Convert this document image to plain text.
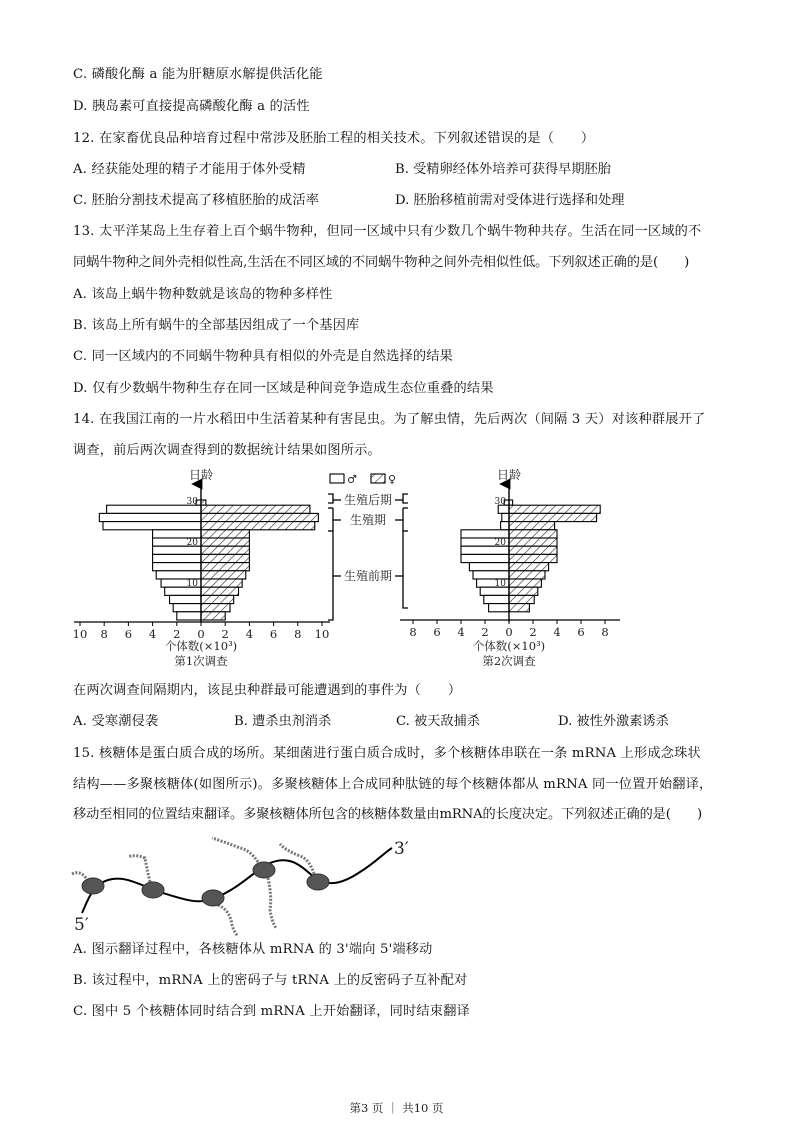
C. 磷酸化酶 a 能为肝糖原水解提供活化能
D. 胰岛素可直接提高磷酸化酶 a 的活性
12. 在家畜优良品种培育过程中常涉及胚胎工程的相关技术。下列叙述错误的是（　　）
A. 经获能处理的精子才能用于体外受精	B. 受精卵经体外培养可获得早期胚胎
C. 胚胎分割技术提高了移植胚胎的成活率	D. 胚胎移植前需对受体进行选择和处理
13. 太平洋某岛上生存着上百个蜗牛物种，但同一区域中只有少数几个蜗牛物种共存。生活在同一区域的不
同蜗牛物种之间外壳相似性高,生活在不同区域的不同蜗牛物种之间外壳相似性低。下列叙述正确的是(　　)
A. 该岛上蜗牛物种数就是该岛的物种多样性
B. 该岛上所有蜗牛的全部基因组成了一个基因库
C. 同一区域内的不同蜗牛物种具有相似的外壳是自然选择的结果
D. 仅有少数蜗牛物种生存在同一区域是种间竞争造成生态位重叠的结果
14. 在我国江南的一片水稻田中生活着某种有害昆虫。为了解虫情，先后两次（间隔 3 天）对该种群展开了
调查，前后两次调查得到的数据统计结果如图所示。
日龄
10 8 6 4 2 0 2 4 6 8 10
30
20
10
个体数(×10³)
第1次调查
生殖后期
生殖期
生殖前期
♂	♀	日龄
8 6 4 2 0 2 4 6 8
30
20
10
个体数(×10³)
第2次调查
在两次调查间隔期内，该昆虫种群最可能遭遇到的事件为（　　）
A. 受寒潮侵袭	B. 遭杀虫剂消杀	C. 被天敌捕杀	D. 被性外激素诱杀
15. 核糖体是蛋白质合成的场所。某细菌进行蛋白质合成时，多个核糖体串联在一条 mRNA 上形成念珠状
结构——多聚核糖体(如图所示)。多聚核糖体上合成同种肽链的每个核糖体都从 mRNA 同一位置开始翻译，
移动至相同的位置结束翻译。多聚核糖体所包含的核糖体数量由mRNA的长度决定。下列叙述正确的是(　　)
5′
3′
A. 图示翻译过程中，各核糖体从 mRNA 的 3'端向 5'端移动
B. 该过程中，mRNA 上的密码子与 tRNA 上的反密码子互补配对
C. 图中 5 个核糖体同时结合到 mRNA 上开始翻译，同时结束翻译
第3 页 ｜ 共10 页
